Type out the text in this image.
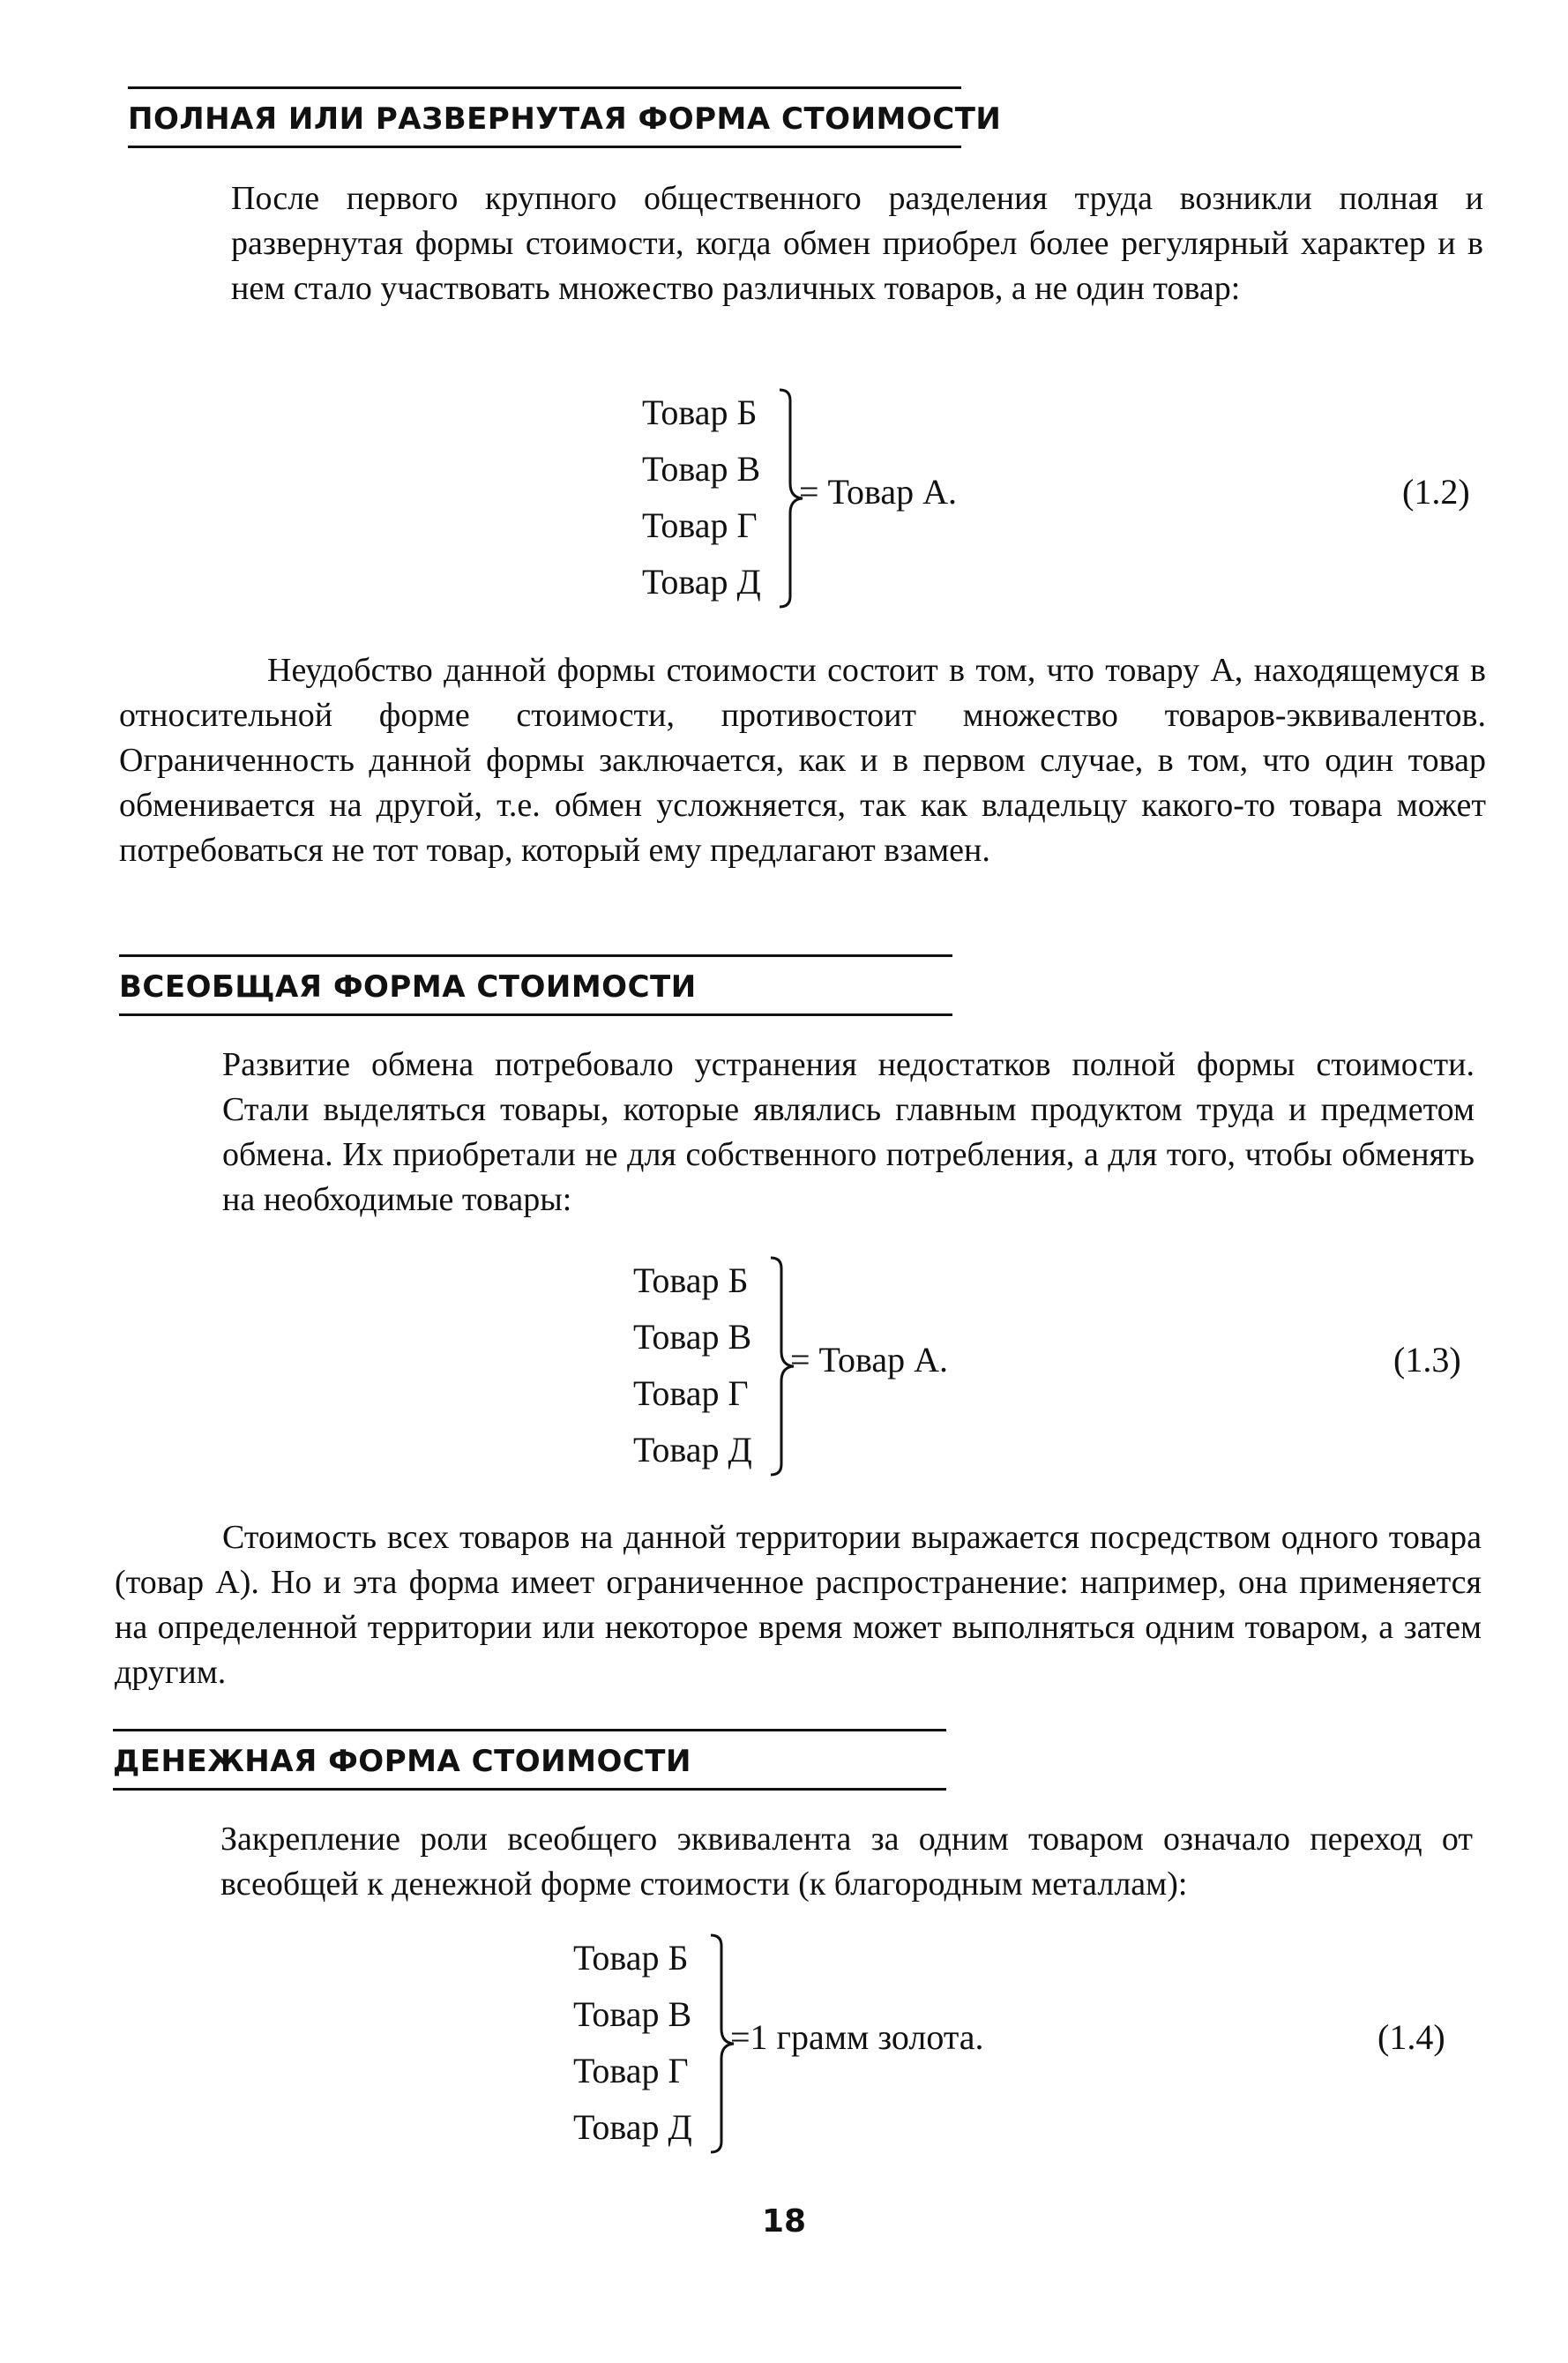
ПОЛНАЯ ИЛИ РАЗВЕРНУТАЯ ФОРМА СТОИМОСТИ

После первого крупного общественного разделения труда возникли полная и развернутая формы стоимости, когда обмен приобрел более регулярный характер и в нем стало участвовать множество различных товаров, а не один товар:

Товар Б
Товар В
Товар Г
Товар Д
= Товар А.	(1.2)

Неудобство данной формы стоимости состоит в том, что товару А, находящемуся в относительной форме стоимости, противостоит множество товаров-эквивалентов. Ограниченность данной формы заключается, как и в первом случае, в том, что один товар обменивается на другой, т.е. обмен усложняется, так как владельцу какого-то товара может потребоваться не тот товар, который ему предлагают взамен.

ВСЕОБЩАЯ ФОРМА СТОИМОСТИ

Развитие обмена потребовало устранения недостатков полной формы стоимости. Стали выделяться товары, которые являлись главным продуктом труда и предметом обмена. Их приобретали не для собственного потребления, а для того, чтобы обменять на необходимые товары:

Товар Б
Товар В
Товар Г
Товар Д
= Товар А.	(1.3)

Стоимость всех товаров на данной территории выражается посредством одного товара (товар А). Но и эта форма имеет ограниченное распространение: например, она применяется на определенной территории или некоторое время может выполняться одним товаром, а затем другим.

ДЕНЕЖНАЯ ФОРМА СТОИМОСТИ

Закрепление роли всеобщего эквивалента за одним товаром означало переход от всеобщей к денежной форме стоимости (к благородным металлам):

Товар Б
Товар В
Товар Г
Товар Д
=1 грамм золота.	(1.4)
18
